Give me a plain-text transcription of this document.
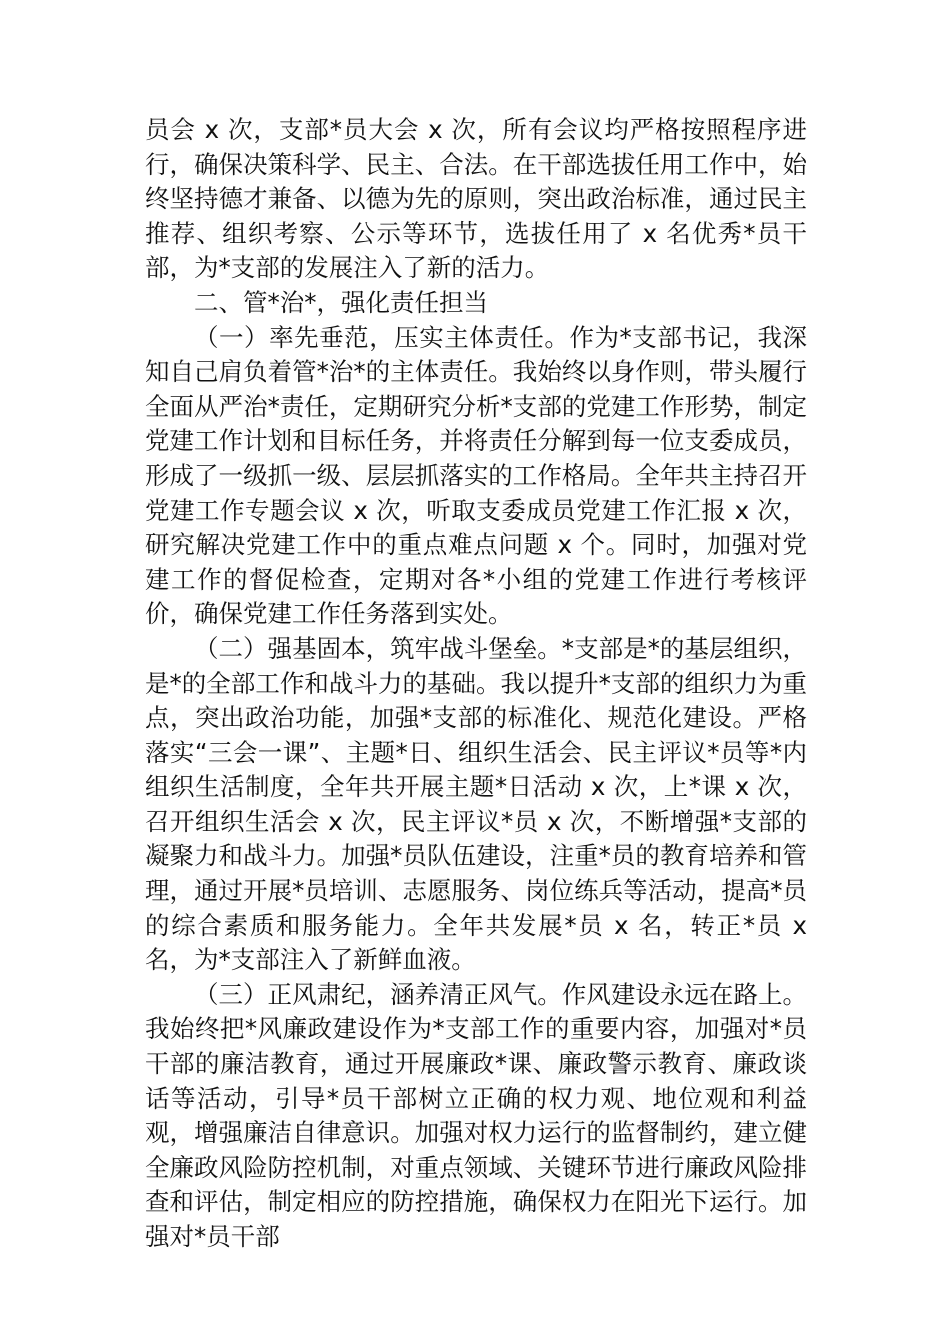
员会 x 次，支部*员大会 x 次，所有会议均严格按照程序进行，确保决策科学、民主、合法。在干部选拔任用工作中，始终坚持德才兼备、以德为先的原则，突出政治标准，通过民主推荐、组织考察、公示等环节，选拔任用了 x 名优秀*员干部，为*支部的发展注入了新的活力。

二、管*治*，强化责任担当

（一）率先垂范，压实主体责任。作为*支部书记，我深知自己肩负着管*治*的主体责任。我始终以身作则，带头履行全面从严治*责任，定期研究分析*支部的党建工作形势，制定党建工作计划和目标任务，并将责任分解到每一位支委成员，形成了一级抓一级、层层抓落实的工作格局。全年共主持召开党建工作专题会议 x 次，听取支委成员党建工作汇报 x 次，研究解决党建工作中的重点难点问题 x 个。同时，加强对党建工作的督促检查，定期对各*小组的党建工作进行考核评价，确保党建工作任务落到实处。

（二）强基固本，筑牢战斗堡垒。*支部是*的基层组织，是*的全部工作和战斗力的基础。我以提升*支部的组织力为重点，突出政治功能，加强*支部的标准化、规范化建设。严格落实“三会一课”、主题*日、组织生活会、民主评议*员等*内组织生活制度，全年共开展主题*日活动 x 次，上*课 x 次，召开组织生活会 x 次，民主评议*员 x 次，不断增强*支部的凝聚力和战斗力。加强*员队伍建设，注重*员的教育培养和管理，通过开展*员培训、志愿服务、岗位练兵等活动，提高*员的综合素质和服务能力。全年共发展*员 x 名，转正*员 x 名，为*支部注入了新鲜血液。

（三）正风肃纪，涵养清正风气。作风建设永远在路上。我始终把*风廉政建设作为*支部工作的重要内容，加强对*员干部的廉洁教育，通过开展廉政*课、廉政警示教育、廉政谈话等活动，引导*员干部树立正确的权力观、地位观和利益观，增强廉洁自律意识。加强对权力运行的监督制约，建立健全廉政风险防控机制，对重点领域、关键环节进行廉政风险排查和评估，制定相应的防控措施，确保权力在阳光下运行。加强对*员干部
